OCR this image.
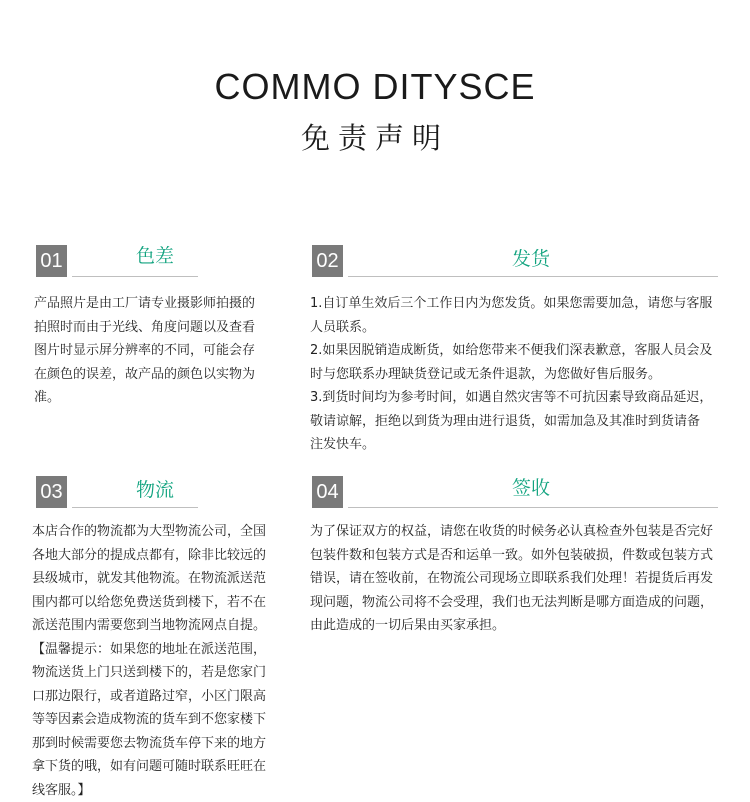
COMMO DITYSCE
免责声明
01	色差
产品照片是由工厂请专业摄影师拍摄的
拍照时而由于光线、角度问题以及查看
图片时显示屏分辨率的不同，可能会存
在颜色的误差，故产品的颜色以实物为
准。
02	发货
1.自订单生效后三个工作日内为您发货。如果您需要加急，请您与客服
人员联系。
2.如果因脱销造成断货，如给您带来不便我们深表歉意，客服人员会及
时与您联系办理缺货登记或无条件退款，为您做好售后服务。
3.到货时间均为参考时间，如遇自然灾害等不可抗因素导致商品延迟，
敬请谅解，拒绝以到货为理由进行退货，如需加急及其准时到货请备
注发快车。
03	物流
本店合作的物流都为大型物流公司，全国
各地大部分的提成点都有，除非比较远的
县级城市，就发其他物流。在物流派送范
围内都可以给您免费送货到楼下，若不在
派送范围内需要您到当地物流网点自提。
【温馨提示：如果您的地址在派送范围，
物流送货上门只送到楼下的，若是您家门
口那边限行，或者道路过窄，小区门限高
等等因素会造成物流的货车到不您家楼下
那到时候需要您去物流货车停下来的地方
拿下货的哦，如有问题可随时联系旺旺在
线客服。】
04	签收
为了保证双方的权益，请您在收货的时候务必认真检查外包装是否完好
包装件数和包装方式是否和运单一致。如外包装破损，件数或包装方式
错误，请在签收前，在物流公司现场立即联系我们处理！若提货后再发
现问题，物流公司将不会受理，我们也无法判断是哪方面造成的问题，
由此造成的一切后果由买家承担。
